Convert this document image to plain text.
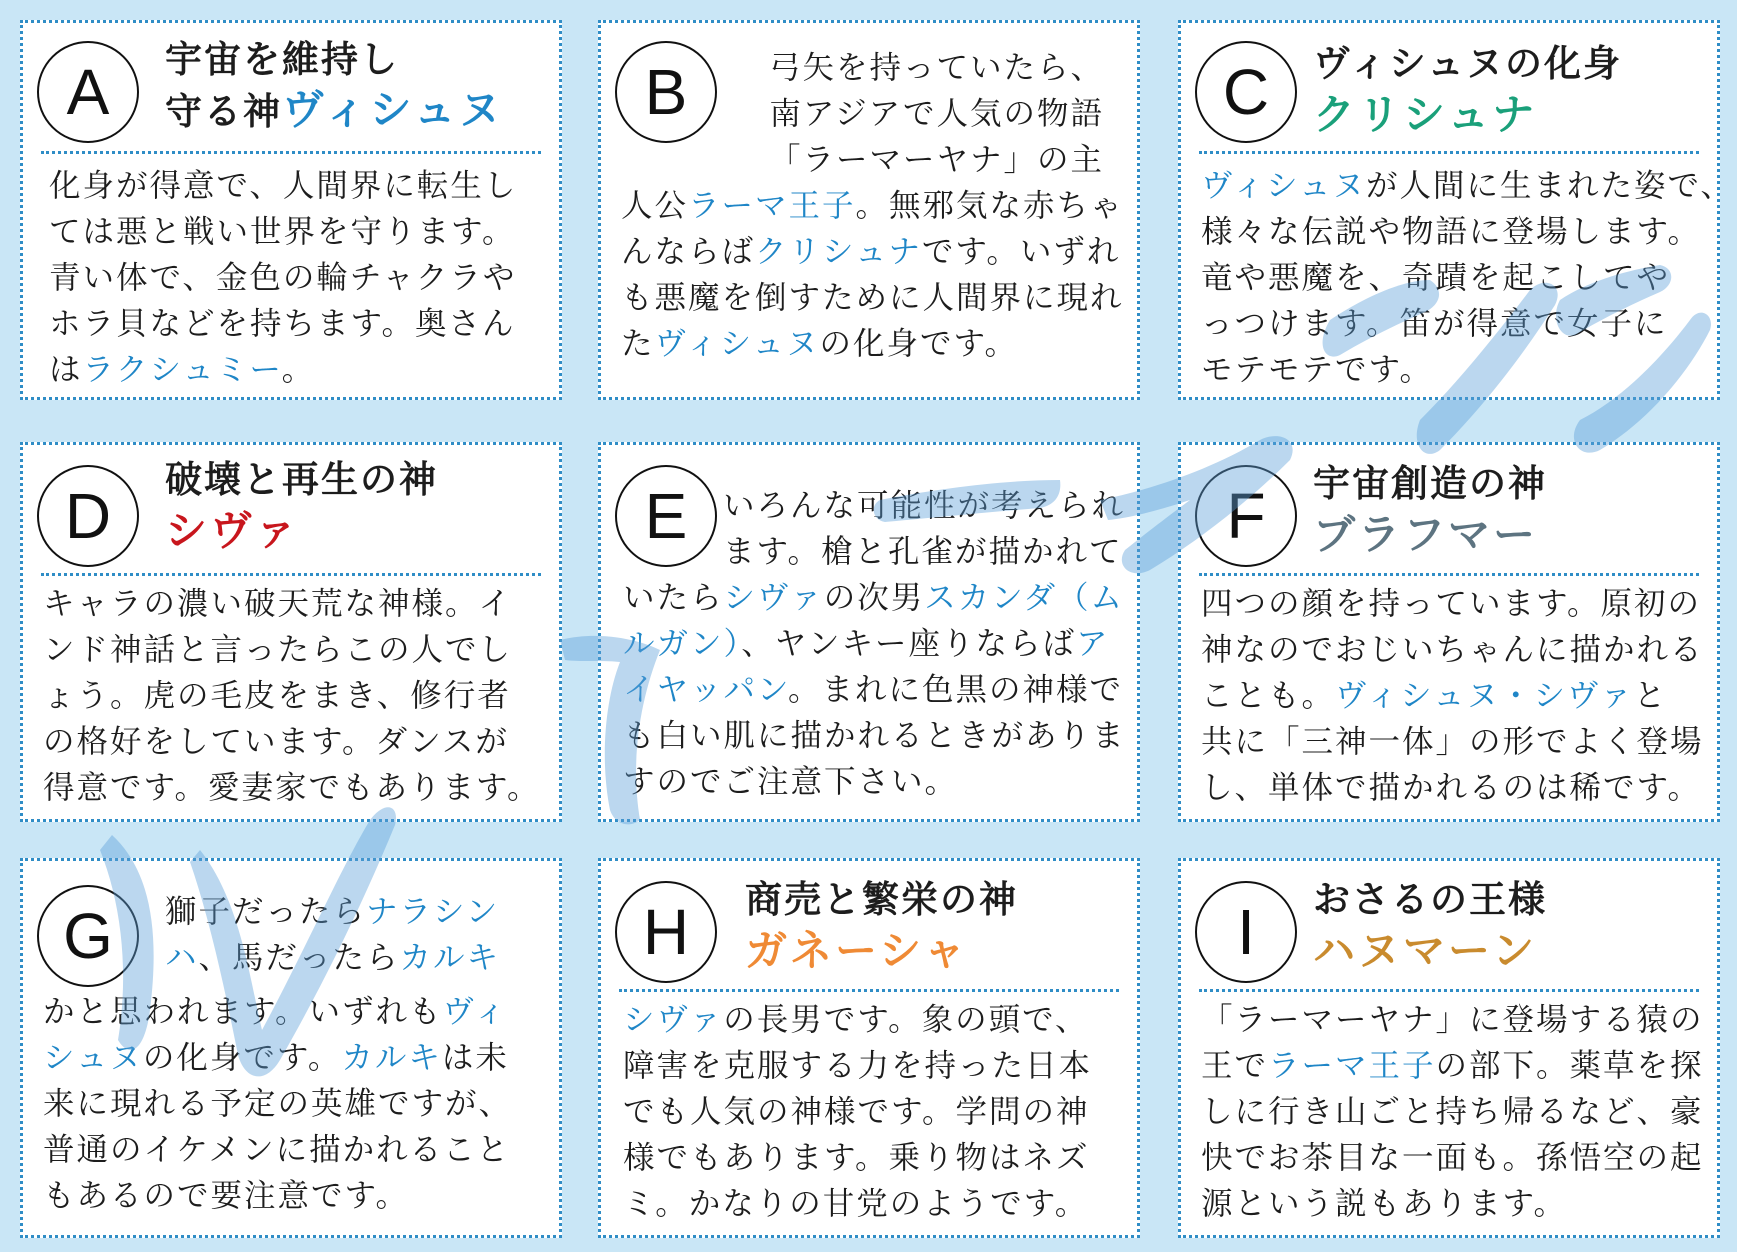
A	宇宙を維持し
守る神ヴィシュヌ
化身が得意で、人間界に転生し
ては悪と戦い世界を守ります。
青い体で、金色の輪チャクラや
ホラ貝などを持ちます。奥さん
はラクシュミー。
B	弓矢を持っていたら、
南アジアで人気の物語
「ラーマーヤナ」の主
人公ラーマ王子。無邪気な赤ちゃ
んならばクリシュナです。いずれ
も悪魔を倒すために人間界に現れ
たヴィシュヌの化身です。
C	ヴィシュヌの化身
クリシュナ
ヴィシュヌが人間に生まれた姿で、
様々な伝説や物語に登場します。
竜や悪魔を、奇蹟を起こしてや
っつけます。笛が得意で女子に
モテモテです。
D
破壊と再生の神
シヴァ
キャラの濃い破天荒な神様。イ
ンド神話と言ったらこの人でし
ょう。虎の毛皮をまき、修行者
の格好をしています。ダンスが
得意です。愛妻家でもあります。
E	いろんな可能性が考えられ
ます。槍と孔雀が描かれて
いたらシヴァの次男スカンダ（ム
ルガン）、ヤンキー座りならばア
イヤッパン。まれに色黒の神様で
も白い肌に描かれるときがありま
すのでご注意下さい。
F	宇宙創造の神
ブラフマー
四つの顔を持っています。原初の
神なのでおじいちゃんに描かれる
ことも。ヴィシュヌ・シヴァと
共に「三神一体」の形でよく登場
し、単体で描かれるのは稀です。
G	獅子だったらナラシン
ハ、馬だったらカルキ
かと思われます。いずれもヴィ
シュヌの化身です。カルキは未
来に現れる予定の英雄ですが、
普通のイケメンに描かれること
もあるので要注意です。
H	商売と繁栄の神
ガネーシャ
シヴァの長男です。象の頭で、
障害を克服する力を持った日本
でも人気の神様です。学問の神
様でもあります。乗り物はネズ
ミ。かなりの甘党のようです。
I	おさるの王様
ハヌマーン
「ラーマーヤナ」に登場する猿の
王でラーマ王子の部下。薬草を探
しに行き山ごと持ち帰るなど、豪
快でお茶目な一面も。孫悟空の起
源という説もあります。
